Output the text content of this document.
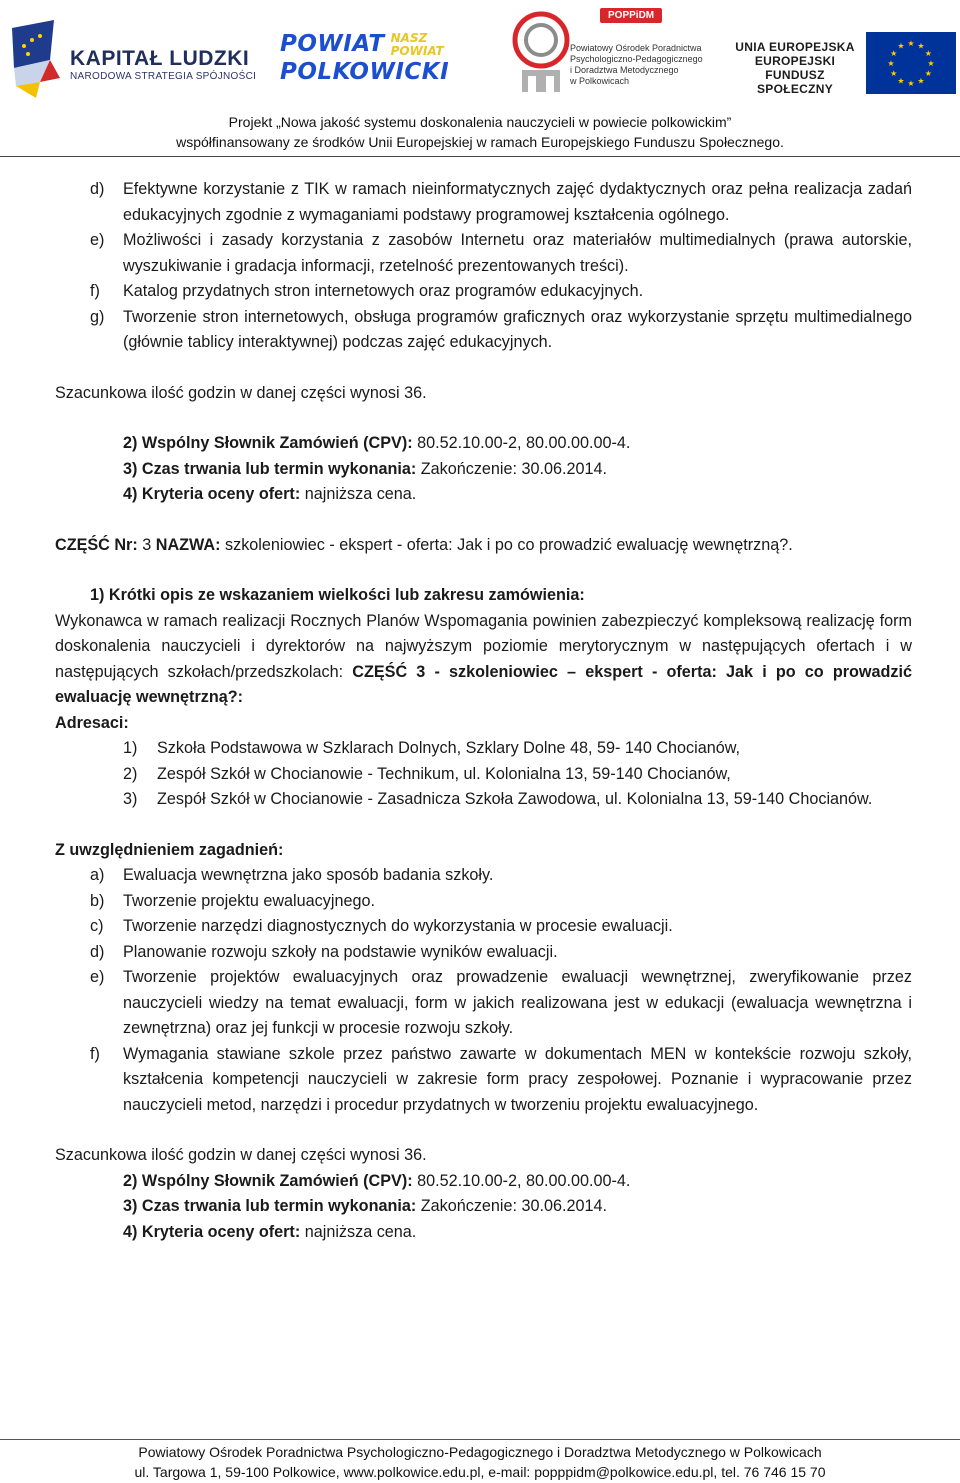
KAPITAŁ LUDZKI
NARODOWA STRATEGIA SPÓJNOŚCI
POWIAT NASZ
POWIAT
POLKOWICKI
POPPiDM
Powiatowy Ośrodek Poradnictwa
Psychologiczno-Pedagogicznego
i Doradztwa Metodycznego
w Polkowicach
UNIA EUROPEJSKA
EUROPEJSKI
FUNDUSZ SPOŁECZNY
★ ★
★
★
★
★
★
★
★
★
★
★
Projekt „Nowa jakość systemu doskonalenia nauczycieli w powiecie polkowickim”
współfinansowany ze środków Unii Europejskiej w ramach Europejskiego Funduszu Społecznego.
d)	Efektywne korzystanie z TIK w ramach nieinformatycznych zajęć dydaktycznych oraz pełna realizacja zadań edukacyjnych zgodnie z wymaganiami podstawy programowej kształcenia ogólnego.
e)	Możliwości i zasady korzystania z zasobów Internetu oraz materiałów multimedialnych (prawa autorskie, wyszukiwanie i gradacja informacji, rzetelność prezentowanych treści).
f)	Katalog przydatnych stron internetowych oraz programów edukacyjnych.
g)	Tworzenie stron internetowych, obsługa programów graficznych oraz wykorzystanie sprzętu multimedialnego (głównie tablicy interaktywnej) podczas zajęć edukacyjnych.
Szacunkowa ilość godzin w danej części wynosi 36.
2) Wspólny Słownik Zamówień (CPV): 80.52.10.00-2, 80.00.00.00-4.
3) Czas trwania lub termin wykonania: Zakończenie: 30.06.2014.
4) Kryteria oceny ofert: najniższa cena.
CZĘŚĆ Nr: 3 NAZWA: szkoleniowiec - ekspert - oferta: Jak i po co prowadzić ewaluację wewnętrzną?.
1) Krótki opis ze wskazaniem wielkości lub zakresu zamówienia:
Wykonawca w ramach realizacji Rocznych Planów Wspomagania powinien zabezpieczyć kompleksową realizację form doskonalenia nauczycieli i dyrektorów na najwyższym poziomie merytorycznym w następujących ofertach i w następujących szkołach/przedszkolach: CZĘŚĆ 3 - szkoleniowiec – ekspert - oferta: Jak i po co prowadzić ewaluację wewnętrzną?:
Adresaci:
1)	Szkoła Podstawowa w Szklarach Dolnych, Szklary Dolne 48, 59- 140 Chocianów,
2)	Zespół Szkół w Chocianowie - Technikum, ul. Kolonialna 13, 59-140 Chocianów,
3)	Zespół Szkół w Chocianowie - Zasadnicza Szkoła Zawodowa, ul. Kolonialna 13, 59-140 Chocianów.
Z uwzględnieniem zagadnień:
a)	Ewaluacja wewnętrzna jako sposób badania szkoły.
b)	Tworzenie projektu ewaluacyjnego.
c)	Tworzenie narzędzi diagnostycznych do wykorzystania w procesie ewaluacji.
d)	Planowanie rozwoju szkoły na podstawie wyników ewaluacji.
e)	Tworzenie projektów ewaluacyjnych oraz prowadzenie ewaluacji wewnętrznej, zweryfikowanie przez nauczycieli wiedzy na temat ewaluacji, form w jakich realizowana jest w edukacji (ewaluacja wewnętrzna i zewnętrzna) oraz jej funkcji w procesie rozwoju szkoły.
f)	Wymagania stawiane szkole przez państwo zawarte w dokumentach MEN w kontekście rozwoju szkoły, kształcenia kompetencji nauczycieli w zakresie form pracy zespołowej. Poznanie i wypracowanie przez nauczycieli metod, narzędzi i procedur przydatnych w tworzeniu projektu ewaluacyjnego.
Szacunkowa ilość godzin w danej części wynosi 36.
2) Wspólny Słownik Zamówień (CPV): 80.52.10.00-2, 80.00.00.00-4.
3) Czas trwania lub termin wykonania: Zakończenie: 30.06.2014.
4) Kryteria oceny ofert: najniższa cena.
Powiatowy Ośrodek Poradnictwa Psychologiczno-Pedagogicznego i Doradztwa Metodycznego w Polkowicach
ul. Targowa 1, 59-100 Polkowice, www.polkowice.edu.pl, e-mail: popppidm@polkowice.edu.pl, tel. 76 746 15 70
